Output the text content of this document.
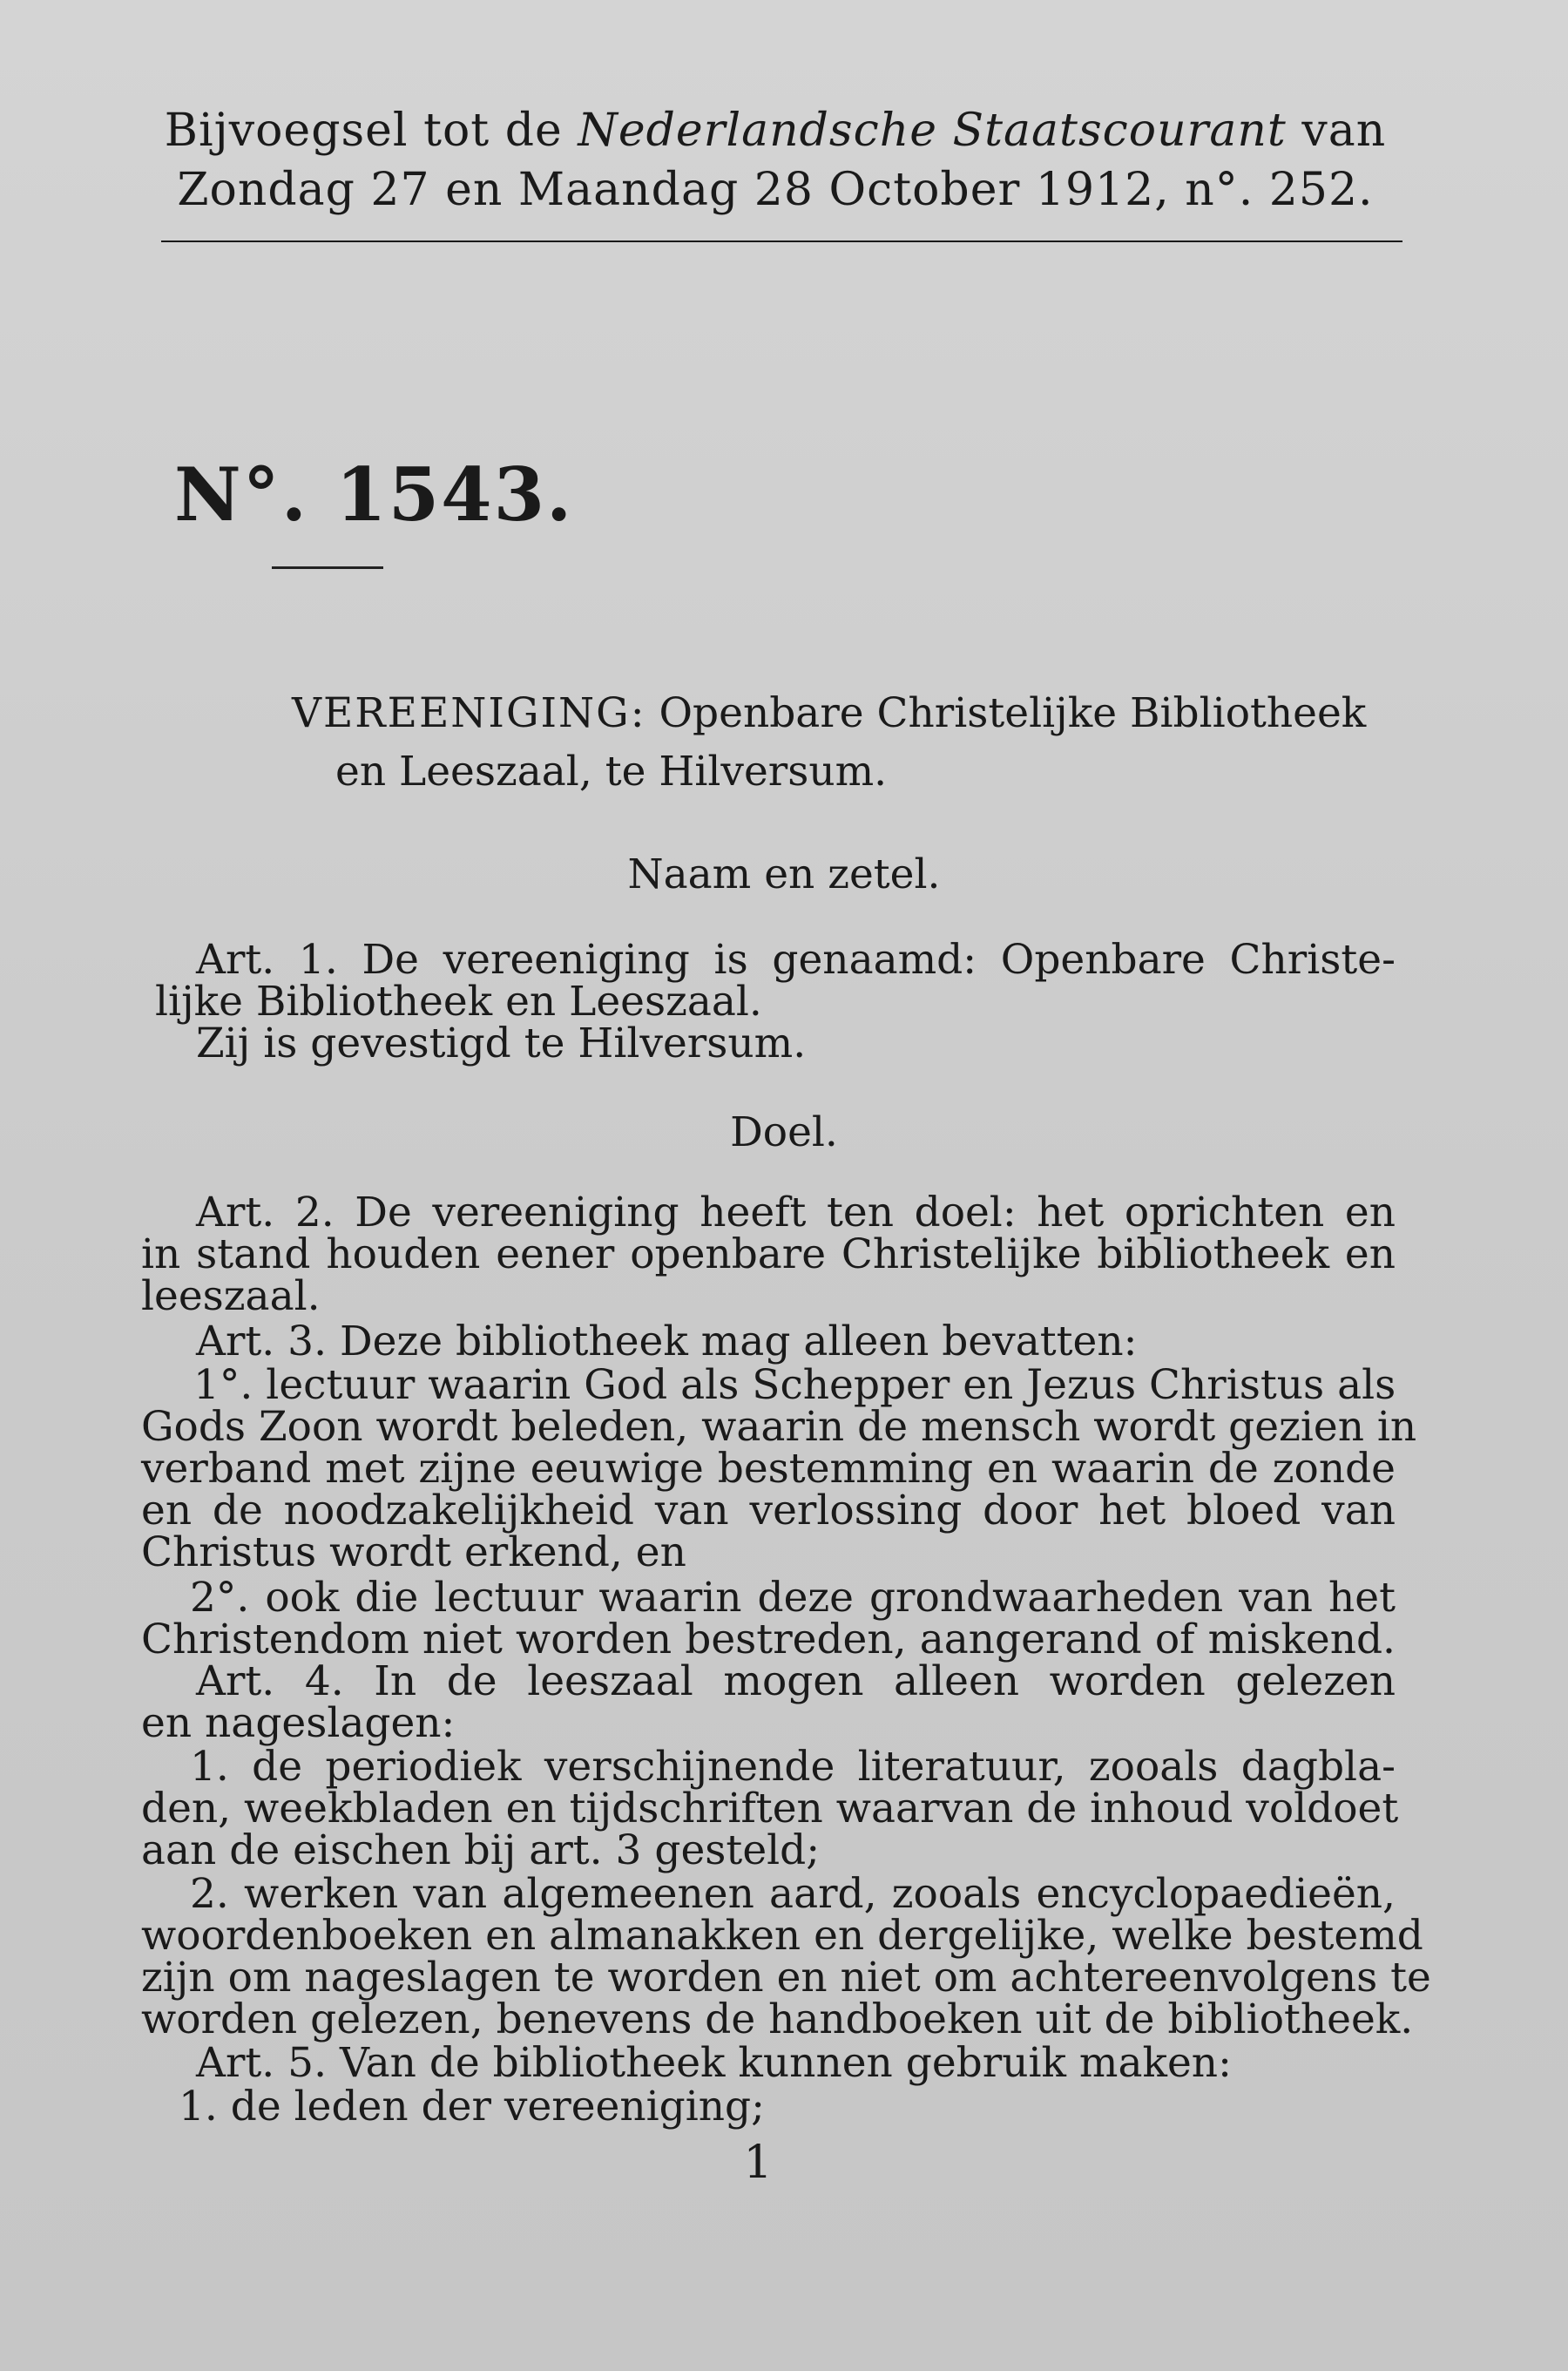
Bijvoegsel tot de Nederlandsche Staatscourant van
Zondag 27 en Maandag 28 October 1912, n°. 252.
N°. 1543.
VEREENIGING: Openbare Christelijke Bibliotheek
en Leeszaal, te Hilversum.
Naam en zetel.
Art. 1. De vereeniging is genaamd: Openbare Christe-
lijke Bibliotheek en Leeszaal.
Zij is gevestigd te Hilversum.
Doel.
Art. 2. De vereeniging heeft ten doel: het oprichten en
in stand houden eener openbare Christelijke bibliotheek en
leeszaal.
Art. 3. Deze bibliotheek mag alleen bevatten:
1°. lectuur waarin God als Schepper en Jezus Christus als
Gods Zoon wordt beleden, waarin de mensch wordt gezien in
verband met zijne eeuwige bestemming en waarin de zonde
en de noodzakelijkheid van verlossing door het bloed van
Christus wordt erkend, en
2°. ook die lectuur waarin deze grondwaarheden van het
Christendom niet worden bestreden, aangerand of miskend.
Art. 4. In de leeszaal mogen alleen worden gelezen
en nageslagen:
1. de periodiek verschijnende literatuur, zooals dagbla-
den, weekbladen en tijdschriften waarvan de inhoud voldoet
aan de eischen bij art. 3 gesteld;
2. werken van algemeenen aard, zooals encyclopaedieën,
woordenboeken en almanakken en dergelijke, welke bestemd
zijn om nageslagen te worden en niet om achtereenvolgens te
worden gelezen, benevens de handboeken uit de bibliotheek.
Art. 5. Van de bibliotheek kunnen gebruik maken:
1. de leden der vereeniging;
1
